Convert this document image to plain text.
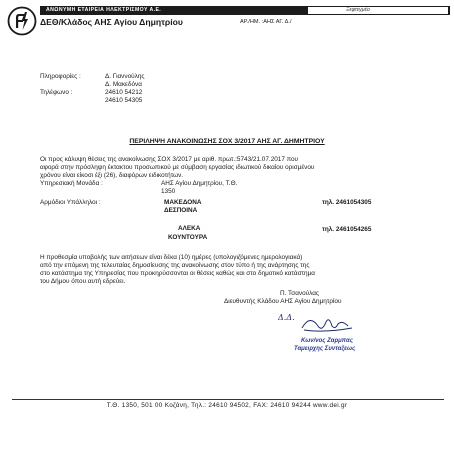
ΑΝΩΝΥΜΗ ΕΤΑΙΡΕΙΑ ΗΛΕΚΤΡΙΣΜΟΥ Α.Ε.	Ξεφτεγμέο
ΔΕΘ/Κλάδος ΑΗΣ Αγίου Δημητρίου	ΑΡ./ΗΜ. :ΑΗΣ ΑΓ. Δ./
Πληροφορίες :	Δ. Γιαννούλης
Δ. Μακεδόνα
Τηλέφωνο :	24610 54212
24610 54305
ΠΕΡΙΛΗΨΗ ΑΝΑΚΟΙΝΩΣΗΣ ΣΟΧ 3/2017 ΑΗΣ ΑΓ. ΔΗΜΗΤΡΙΟΥ
Οι προς κάλυψη θέσεις της ανακοίνωσης ΣΟΧ 3/2017 με αριθ. πρωτ.:5743/21.07.2017 που
αφορά στην πρόσληψη έκτακτου προσωπικού με σύμβαση εργασίας ιδιωτικού δικαίου ορισμένου
χρόνου είναι είκοσι έξι (26), διαφόρων ειδικοτήτων.
Υπηρεσιακή Μονάδα :	ΑΗΣ Αγίου Δημητρίου, Τ.Θ.
1350
Αρμόδιοι Υπάλληλοι :	ΜΑΚΕΔΟΝΑ
ΔΕΣΠΟΙΝΑ
τηλ. 2461054305
ΑΛΕΚΑ
ΚΟΥΝΤΟΥΡΑ
τηλ. 2461054265
Η προθεσμία υποβολής των αιτήσεων είναι δέκα (10) ημέρες (υπολογιζόμενες ημερολογιακά)
από την επόμενη της τελευταίας δημοσίευσης της ανακοίνωσης στον τύπο ή της ανάρτησης της
στο κατάστημα της Υπηρεσίας που προκηρύσσονται οι θέσεις καθώς και στο δημοτικό κατάστημα
του Δήμου όπου αυτή εδρεύει.
Π. Τσανούλας
Διευθυντής Κλάδου ΑΗΣ Αγίου Δημητρίου
Δ.Δ.
Κων/νος Ζαρμπας
Ταμειρχης Συνταξεως
Τ.Θ. 1350, 501 00 Κοζάνη, Τηλ.: 24610 94502, FAX: 24610 94244 www.dei.gr
